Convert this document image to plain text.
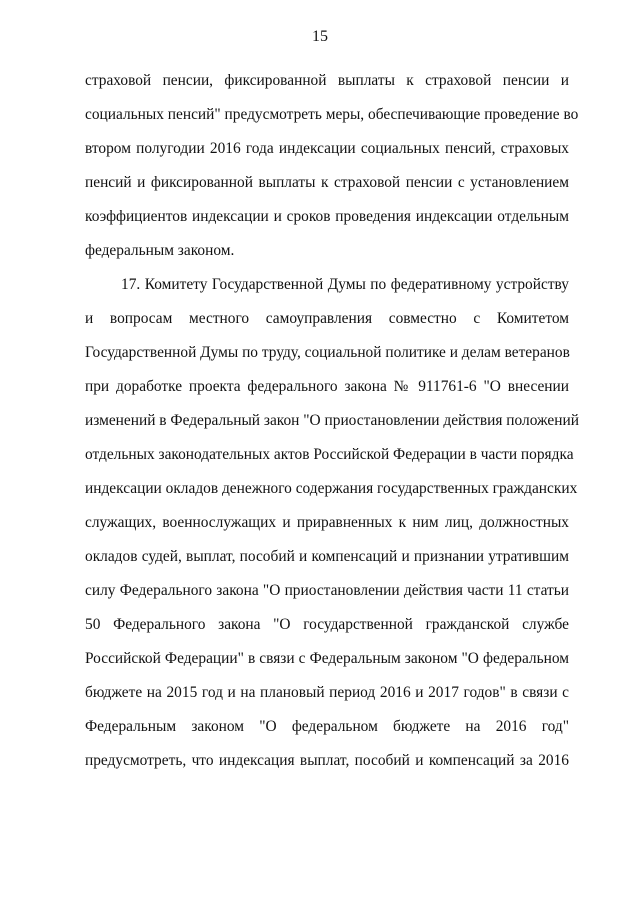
15
страховой пенсии, фиксированной выплаты к страховой пенсии и
социальных пенсий" предусмотреть меры, обеспечивающие проведение во
втором полугодии 2016 года индексации социальных пенсий, страховых
пенсий и фиксированной выплаты к страховой пенсии с установлением
коэффициентов индексации и сроков проведения индексации отдельным
федеральным законом.
17. Комитету Государственной Думы по федеративному устройству
и вопросам местного самоуправления совместно с Комитетом
Государственной Думы по труду, социальной политике и делам ветеранов
при доработке проекта федерального закона № 911761-6 "О внесении
изменений в Федеральный закон "О приостановлении действия положений
отдельных законодательных актов Российской Федерации в части порядка
индексации окладов денежного содержания государственных гражданских
служащих, военнослужащих и приравненных к ним лиц, должностных
окладов судей, выплат, пособий и компенсаций и признании утратившим
силу Федерального закона "О приостановлении действия части 11 статьи
50 Федерального закона "О государственной гражданской службе
Российской Федерации" в связи с Федеральным законом "О федеральном
бюджете на 2015 год и на плановый период 2016 и 2017 годов" в связи с
Федеральным законом "О федеральном бюджете на 2016 год"
предусмотреть, что индексация выплат, пособий и компенсаций за 2016
